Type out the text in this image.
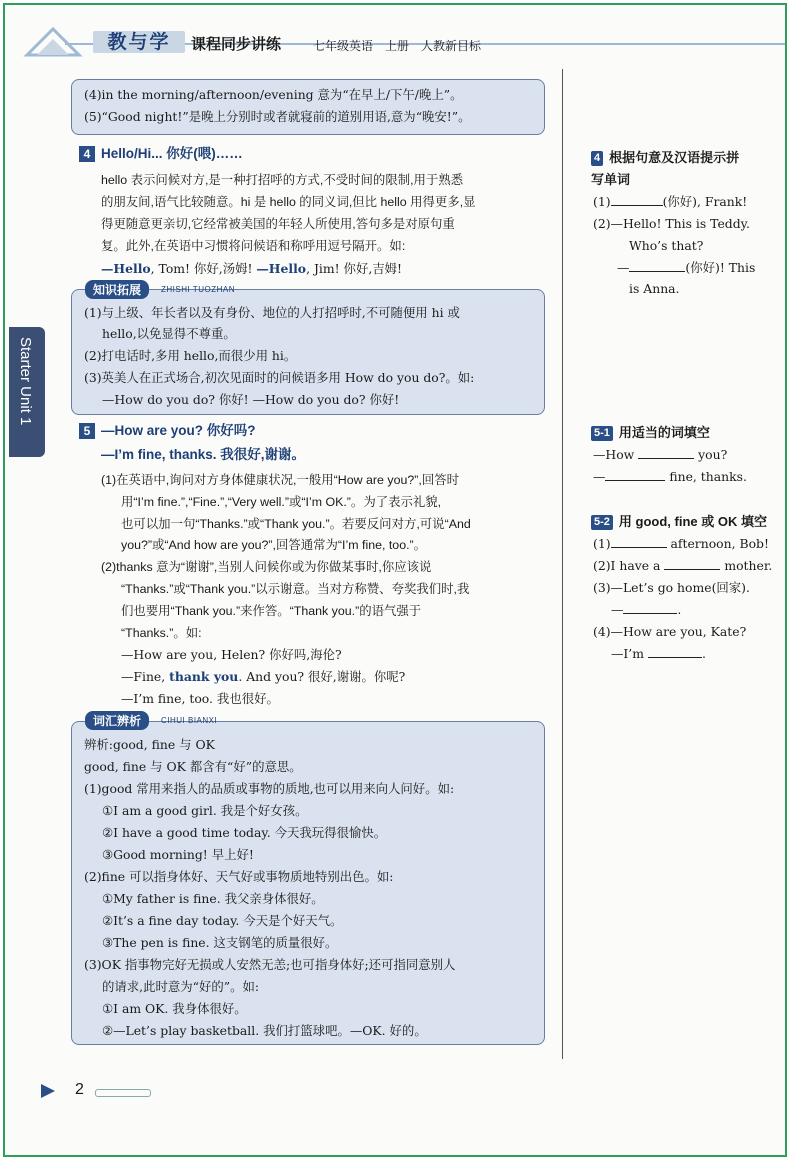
教与学	课程同步讲练	七年级英语　上册　人教新目标
Starter Unit 1
(4)in the morning/afternoon/evening 意为“在早上/下午/晚上”。
(5)“Good night!”是晚上分别时或者就寝前的道别用语,意为“晚安!”。
4 Hello/Hi... 你好(喂)……
hello 表示问候对方,是一种打招呼的方式,不受时间的限制,用于熟悉
的朋友间,语气比较随意。hi 是 hello 的同义词,但比 hello 用得更多,显
得更随意更亲切,它经常被美国的年轻人所使用,答句多是对原句重
复。此外,在英语中习惯将问候语和称呼用逗号隔开。如:
—Hello, Tom! 你好,汤姆! —Hello, Jim! 你好,吉姆!
(1)与上级、年长者以及有身份、地位的人打招呼时,不可随便用 hi 或
hello,以免显得不尊重。
(2)打电话时,多用 hello,而很少用 hi。
(3)英美人在正式场合,初次见面时的问候语多用 How do you do?。如:
—How do you do? 你好! —How do you do? 你好!
知识拓展	ZHISHI TUOZHAN
5 —How are you? 你好吗?
—I’m fine, thanks. 我很好,谢谢。
(1)在英语中,询问对方身体健康状况,一般用“How are you?”,回答时
用“I’m fine.”,“Fine.”,“Very well.”或“I’m OK.”。为了表示礼貌,
也可以加一句“Thanks.”或“Thank you.”。若要反问对方,可说“And
you?”或“And how are you?”,回答通常为“I’m fine, too.”。
(2)thanks 意为“谢谢”,当别人问候你或为你做某事时,你应该说
“Thanks.”或“Thank you.”以示谢意。当对方称赞、夸奖我们时,我
们也要用“Thank you.”来作答。“Thank you.”的语气强于
“Thanks.”。如:
—How are you, Helen? 你好吗,海伦?
—Fine, thank you. And you? 很好,谢谢。你呢?
—I’m fine, too. 我也很好。
辨析:good, fine 与 OK
good, fine 与 OK 都含有“好”的意思。
(1)good 常用来指人的品质或事物的质地,也可以用来向人问好。如:
①I am a good girl. 我是个好女孩。
②I have a good time today. 今天我玩得很愉快。
③Good morning! 早上好!
(2)fine 可以指身体好、天气好或事物质地特别出色。如:
①My father is fine. 我父亲身体很好。
②It’s a fine day today. 今天是个好天气。
③The pen is fine. 这支钢笔的质量很好。
(3)OK 指事物完好无损或人安然无恙;也可指身体好;还可指同意别人
的请求,此时意为“好的”。如:
①I am OK. 我身体很好。
②—Let’s play basketball. 我们打篮球吧。—OK. 好的。
词汇辨析	CIHUI BIANXI
4 根据句意及汉语提示拼
写单词
(1)	(你好), Frank!
(2)—Hello! This is Teddy.
Who’s that?
—	(你好)! This
is Anna.
5-1 用适当的词填空
—How	you?
—	fine, thanks.
5-2 用 good, fine 或 OK 填空
(1)	afternoon, Bob!
(2)I have a	mother.
(3)—Let’s go home(回家).
—	.
(4)—How are you, Kate?
—I’m	.
2
